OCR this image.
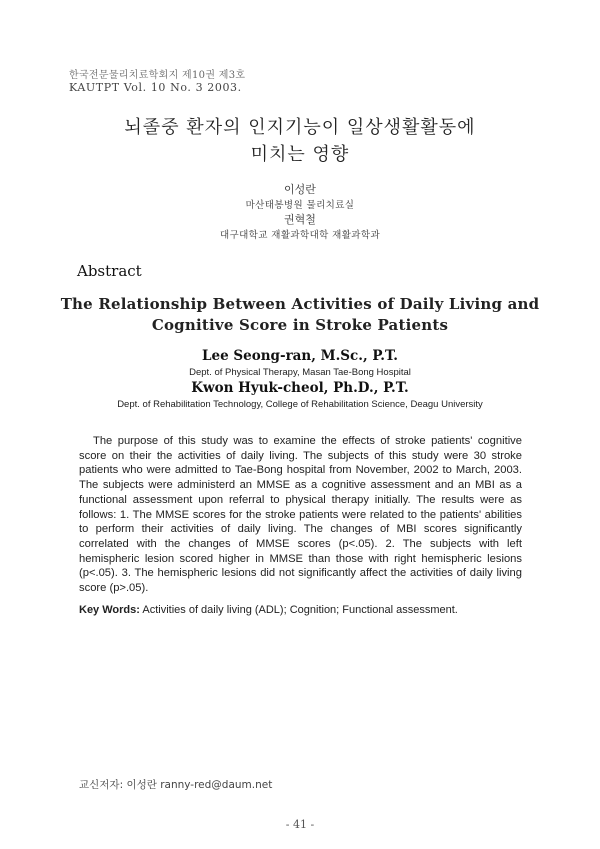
한국전문물리치료학회지 제10권 제3호
KAUTPT Vol. 10 No. 3 2003.
뇌졸중 환자의 인지기능이 일상생활활동에
미치는 영향
이성란
마산태봉병원 물리치료실
권혁철
대구대학교 재활과학대학 재활과학과
Abstract
The Relationship Between Activities of Daily Living and
Cognitive Score in Stroke Patients
Lee Seong-ran, M.Sc., P.T.
Dept. of Physical Therapy, Masan Tae-Bong Hospital
Kwon Hyuk-cheol, Ph.D., P.T.
Dept. of Rehabilitation Technology, College of Rehabilitation Science, Deagu University
The purpose of this study was to examine the effects of stroke patients' cognitive score on their the activities of daily living. The subjects of this study were 30 stroke patients who were admitted to Tae-Bong hospital from November, 2002 to March, 2003. The subjects were administerd an MMSE as a cognitive assessment and an MBI as a functional assessment upon referral to physical therapy initially. The results were as follows: 1. The MMSE scores for the stroke patients were related to the patients' abilities to perform their activities of daily living. The changes of MBI scores significantly correlated with the changes of MMSE scores (p<.05). 2. The subjects with left hemispheric lesion scored higher in MMSE than those with right hemispheric lesions (p<.05). 3. The hemispheric lesions did not significantly affect the activities of daily living score (p>.05).
Key Words: Activities of daily living (ADL); Cognition; Functional assessment.
교신저자: 이성란 ranny-red@daum.net
- 41 -
